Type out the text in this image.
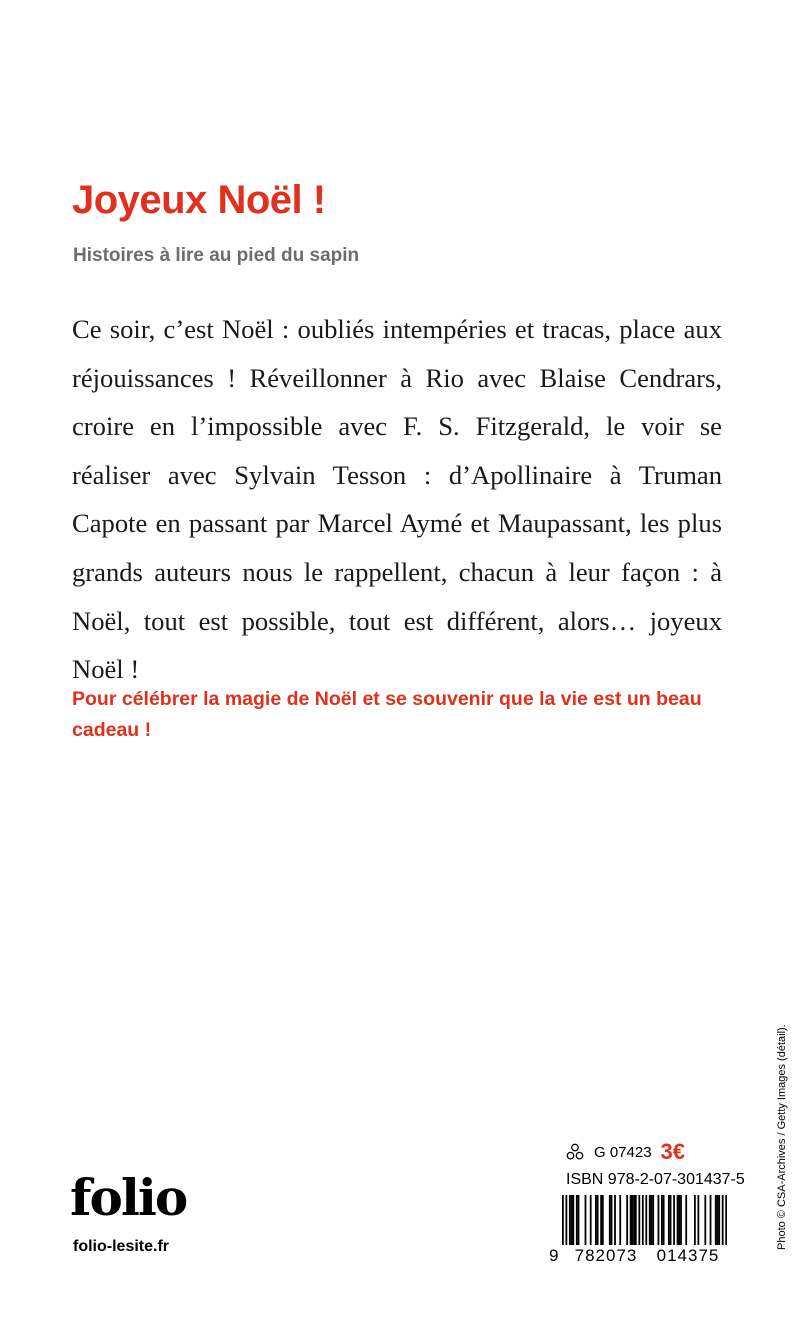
Joyeux Noël !

Histoires à lire au pied du sapin

Ce soir, c’est Noël : oubliés intempéries et tracas, place aux réjouissances ! Réveillonner à Rio avec Blaise Cendrars, croire en l’impossible avec F. S. Fitzgerald, le voir se réaliser avec Sylvain Tesson : d’Apollinaire à Truman Capote en passant par Marcel Aymé et Maupassant, les plus grands auteurs nous le rappellent, chacun à leur façon : à Noël, tout est possible, tout est différent, alors… joyeux Noël !

Pour célébrer la magie de Noël et se souvenir que la vie est un beau cadeau !

Photo © CSA-Archives / Getty Images (détail).

folio

folio-lesite.fr

G 07423 3€

ISBN 978-2-07-301437-5

9 782073	014375
